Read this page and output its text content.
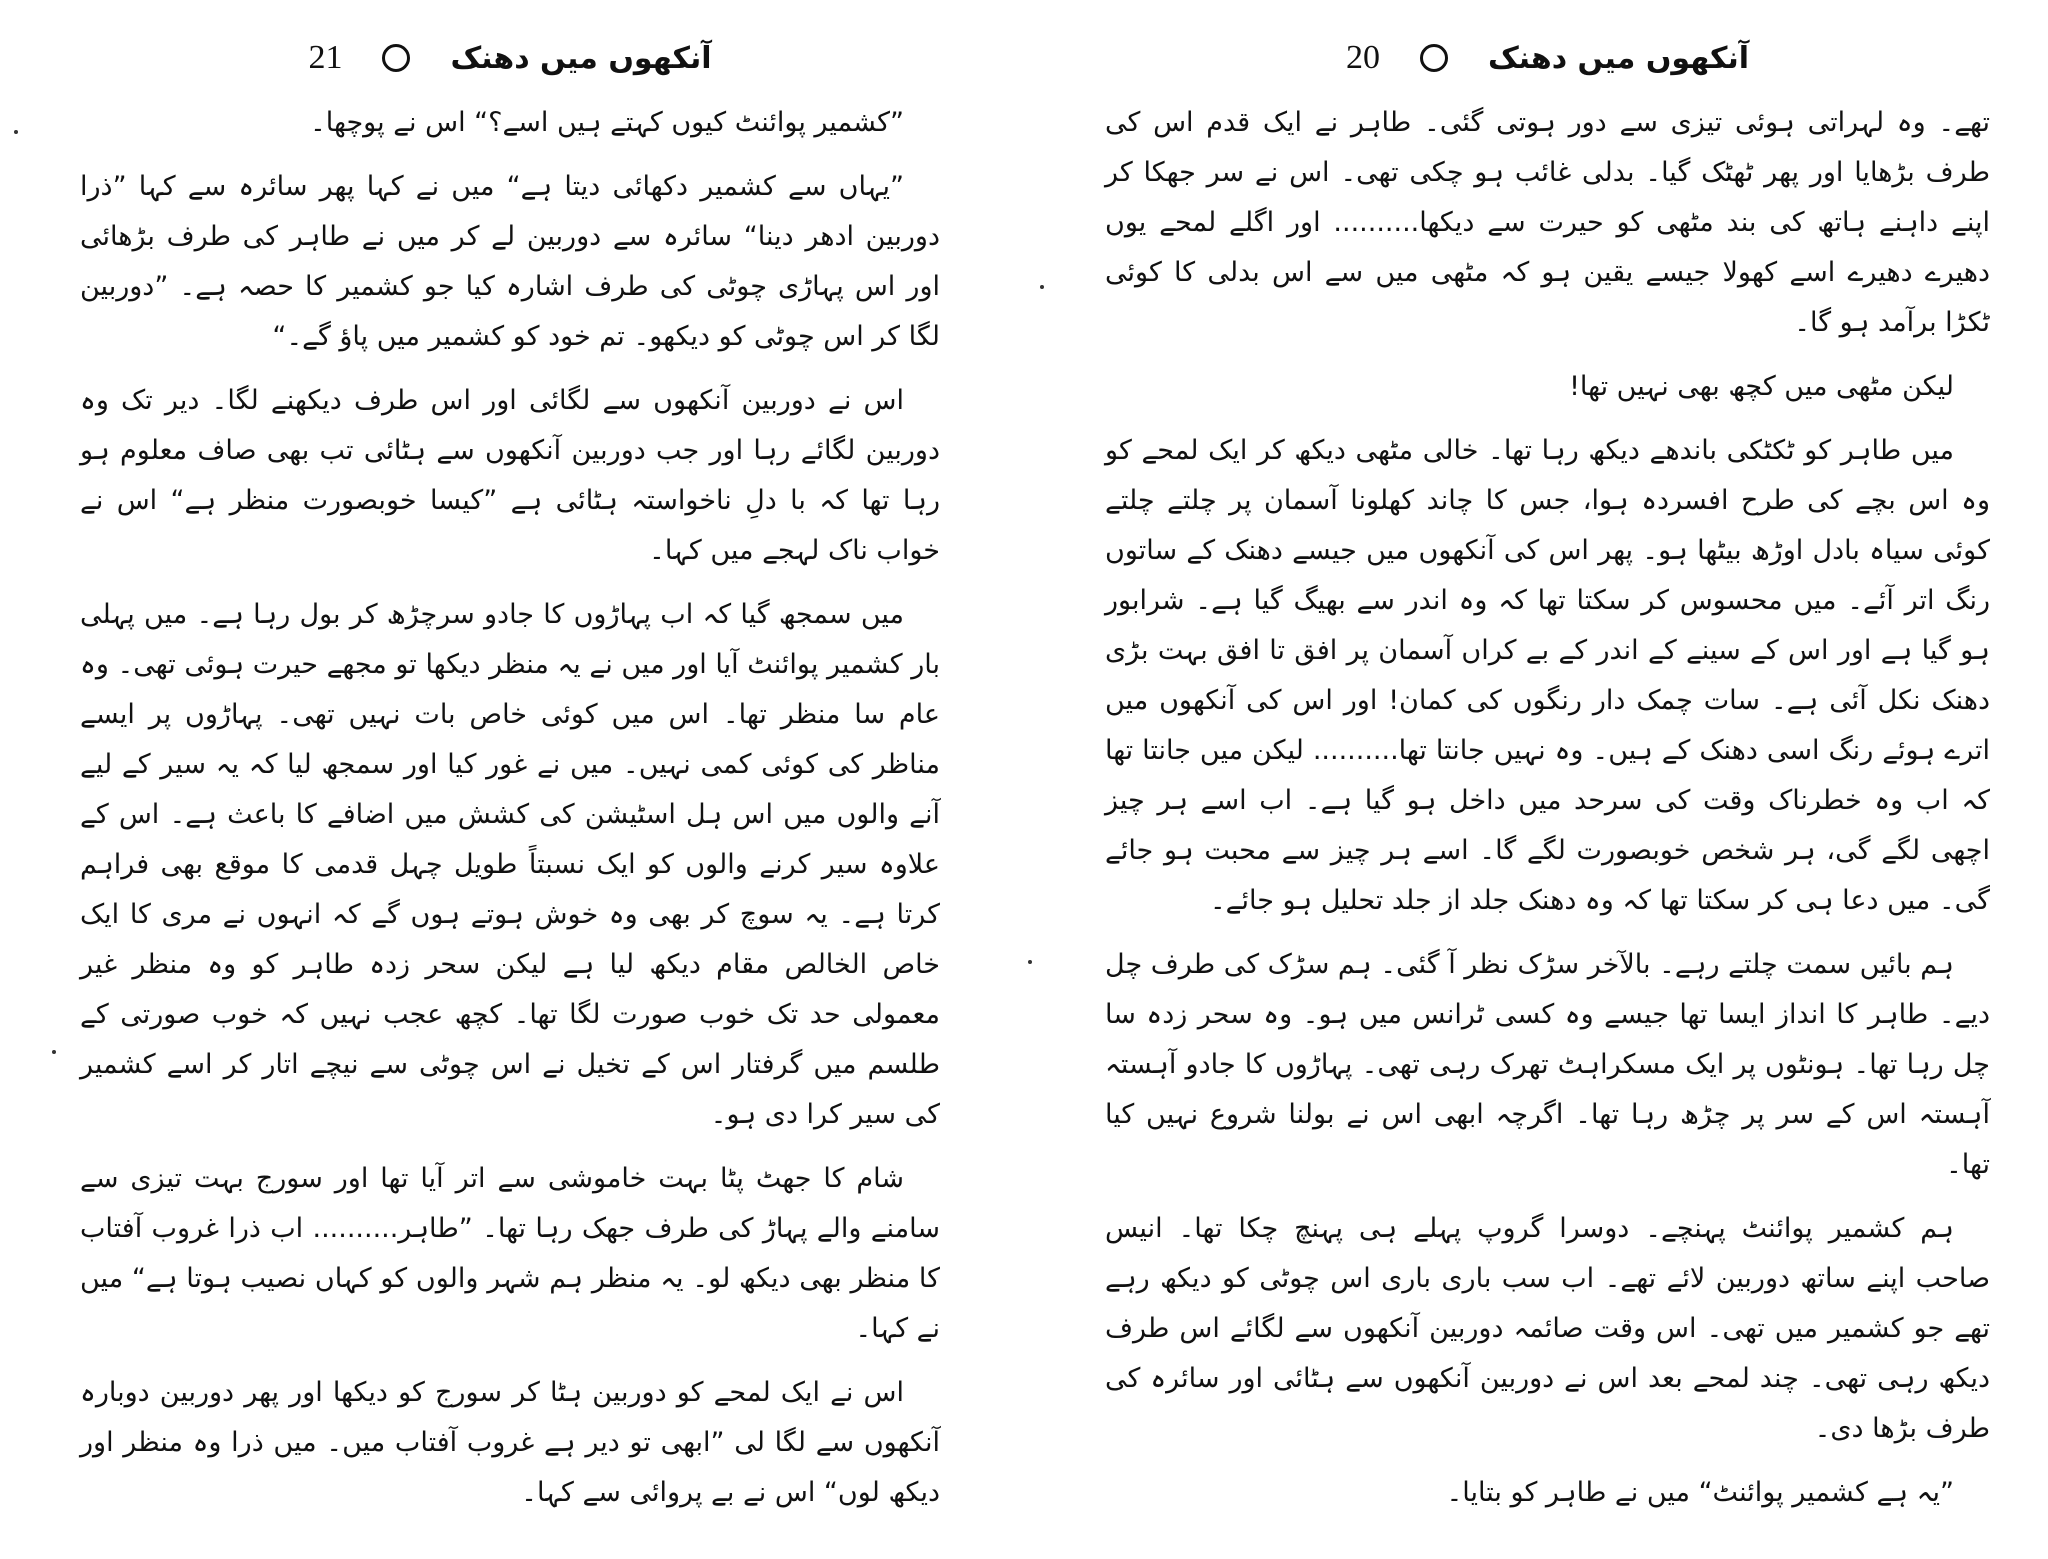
21	آنکھوں میں دھنک

”کشمیر پوائنٹ کیوں کہتے ہیں اسے؟“ اس نے پوچھا۔

”یہاں سے کشمیر دکھائی دیتا ہے“ میں نے کہا پھر سائرہ سے کہا ”ذرا دوربین ادھر دینا“ سائرہ سے دوربین لے کر میں نے طاہر کی طرف بڑھائی اور اس پہاڑی چوٹی کی طرف اشارہ کیا جو کشمیر کا حصہ ہے۔ ”دوربین لگا کر اس چوٹی کو دیکھو۔ تم خود کو کشمیر میں پاؤ گے۔“

اس نے دوربین آنکھوں سے لگائی اور اس طرف دیکھنے لگا۔ دیر تک وہ دوربین لگائے رہا اور جب دوربین آنکھوں سے ہٹائی تب بھی صاف معلوم ہو رہا تھا کہ با دلِ ناخواستہ ہٹائی ہے ”کیسا خوبصورت منظر ہے“ اس نے خواب ناک لہجے میں کہا۔

میں سمجھ گیا کہ اب پہاڑوں کا جادو سرچڑھ کر بول رہا ہے۔ میں پہلی بار کشمیر پوائنٹ آیا اور میں نے یہ منظر دیکھا تو مجھے حیرت ہوئی تھی۔ وہ عام سا منظر تھا۔ اس میں کوئی خاص بات نہیں تھی۔ پہاڑوں پر ایسے مناظر کی کوئی کمی نہیں۔ میں نے غور کیا اور سمجھ لیا کہ یہ سیر کے لیے آنے والوں میں اس ہل اسٹیشن کی کشش میں اضافے کا باعث ہے۔ اس کے علاوہ سیر کرنے والوں کو ایک نسبتاً طویل چہل قدمی کا موقع بھی فراہم کرتا ہے۔ یہ سوچ کر بھی وہ خوش ہوتے ہوں گے کہ انہوں نے مری کا ایک خاص الخالص مقام دیکھ لیا ہے لیکن سحر زدہ طاہر کو وہ منظر غیر معمولی حد تک خوب صورت لگا تھا۔ کچھ عجب نہیں کہ خوب صورتی کے طلسم میں گرفتار اس کے تخیل نے اس چوٹی سے نیچے اتار کر اسے کشمیر کی سیر کرا دی ہو۔

شام کا جھٹ پٹا بہت خاموشی سے اتر آیا تھا اور سورج بہت تیزی سے سامنے والے پہاڑ کی طرف جھک رہا تھا۔ ”طاہر.......... اب ذرا غروب آفتاب کا منظر بھی دیکھ لو۔ یہ منظر ہم شہر والوں کو کہاں نصیب ہوتا ہے“ میں نے کہا۔

اس نے ایک لمحے کو دوربین ہٹا کر سورج کو دیکھا اور پھر دوربین دوبارہ آنکھوں سے لگا لی ”ابھی تو دیر ہے غروب آفتاب میں۔ میں ذرا وہ منظر اور دیکھ لوں“ اس نے بے پروائی سے کہا۔

20	آنکھوں میں دھنک

تھے۔ وہ لہراتی ہوئی تیزی سے دور ہوتی گئی۔ طاہر نے ایک قدم اس کی طرف بڑھایا اور پھر ٹھٹک گیا۔ بدلی غائب ہو چکی تھی۔ اس نے سر جھکا کر اپنے داہنے ہاتھ کی بند مٹھی کو حیرت سے دیکھا.......... اور اگلے لمحے یوں دھیرے دھیرے اسے کھولا جیسے یقین ہو کہ مٹھی میں سے اس بدلی کا کوئی ٹکڑا برآمد ہو گا۔

لیکن مٹھی میں کچھ بھی نہیں تھا!

میں طاہر کو ٹکٹکی باندھے دیکھ رہا تھا۔ خالی مٹھی دیکھ کر ایک لمحے کو وہ اس بچے کی طرح افسردہ ہوا، جس کا چاند کھلونا آسمان پر چلتے چلتے کوئی سیاہ بادل اوڑھ بیٹھا ہو۔ پھر اس کی آنکھوں میں جیسے دھنک کے ساتوں رنگ اتر آئے۔ میں محسوس کر سکتا تھا کہ وہ اندر سے بھیگ گیا ہے۔ شرابور ہو گیا ہے اور اس کے سینے کے اندر کے بے کراں آسمان پر افق تا افق بہت بڑی دھنک نکل آئی ہے۔ سات چمک دار رنگوں کی کمان! اور اس کی آنکھوں میں اترے ہوئے رنگ اسی دھنک کے ہیں۔ وہ نہیں جانتا تھا.......... لیکن میں جانتا تھا کہ اب وہ خطرناک وقت کی سرحد میں داخل ہو گیا ہے۔ اب اسے ہر چیز اچھی لگے گی، ہر شخص خوبصورت لگے گا۔ اسے ہر چیز سے محبت ہو جائے گی۔ میں دعا ہی کر سکتا تھا کہ وہ دھنک جلد از جلد تحلیل ہو جائے۔

ہم بائیں سمت چلتے رہے۔ بالآخر سڑک نظر آ گئی۔ ہم سڑک کی طرف چل دیے۔ طاہر کا انداز ایسا تھا جیسے وہ کسی ٹرانس میں ہو۔ وہ سحر زدہ سا چل رہا تھا۔ ہونٹوں پر ایک مسکراہٹ تھرک رہی تھی۔ پہاڑوں کا جادو آہستہ آہستہ اس کے سر پر چڑھ رہا تھا۔ اگرچہ ابھی اس نے بولنا شروع نہیں کیا تھا۔

ہم کشمیر پوائنٹ پہنچے۔ دوسرا گروپ پہلے ہی پہنچ چکا تھا۔ انیس صاحب اپنے ساتھ دوربین لائے تھے۔ اب سب باری باری اس چوٹی کو دیکھ رہے تھے جو کشمیر میں تھی۔ اس وقت صائمہ دوربین آنکھوں سے لگائے اس طرف دیکھ رہی تھی۔ چند لمحے بعد اس نے دوربین آنکھوں سے ہٹائی اور سائرہ کی طرف بڑھا دی۔

”یہ ہے کشمیر پوائنٹ“ میں نے طاہر کو بتایا۔
